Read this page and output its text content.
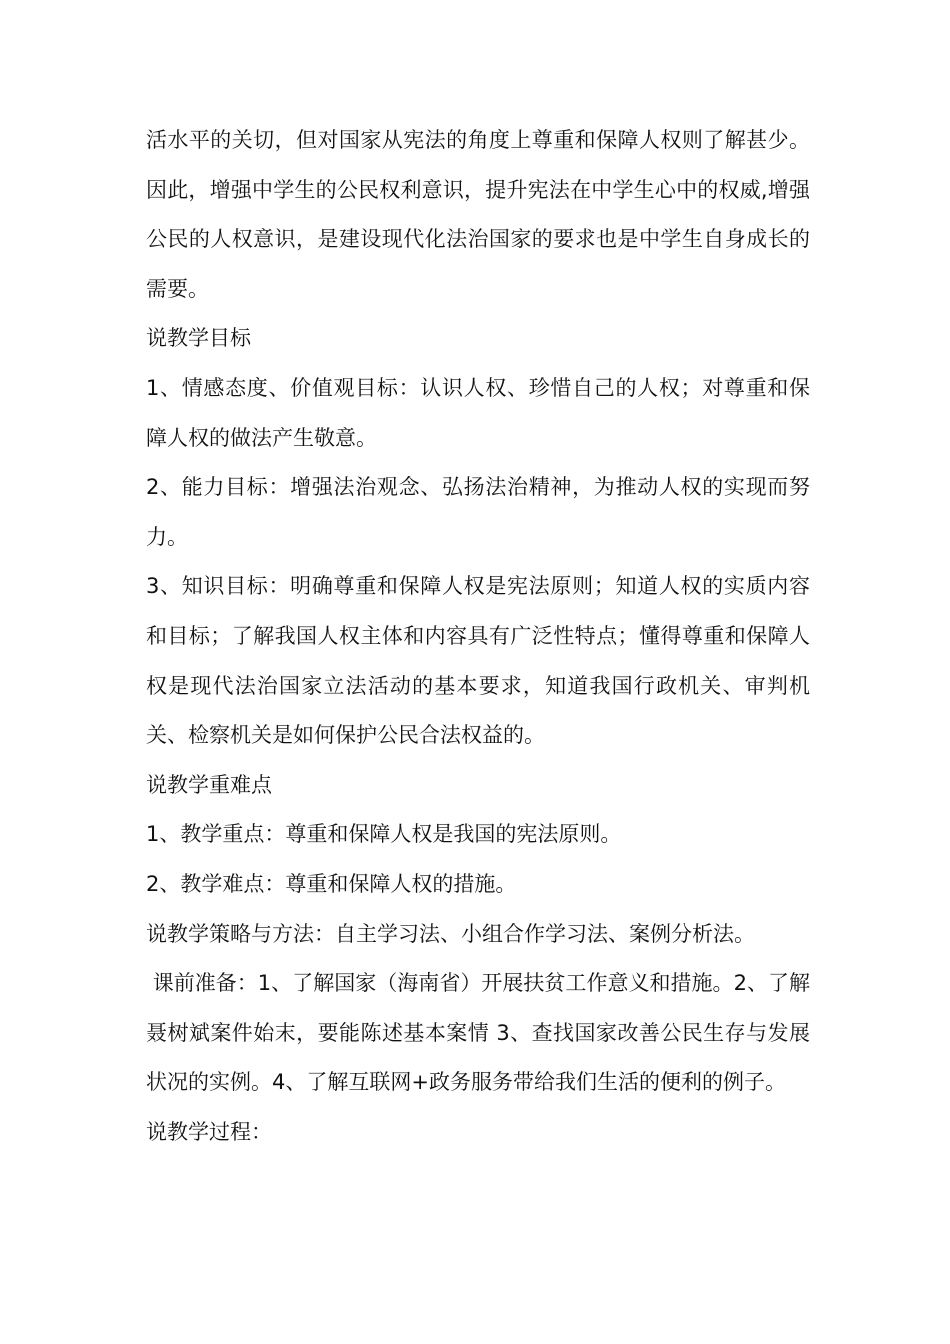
活水平的关切，但对国家从宪法的角度上尊重和保障人权则了解甚少。因此，增强中学生的公民权利意识，提升宪法在中学生心中的权威,增强公民的人权意识，是建设现代化法治国家的要求也是中学生自身成长的需要。

说教学目标

1、情感态度、价值观目标：认识人权、珍惜自己的人权；对尊重和保障人权的做法产生敬意。

2、能力目标：增强法治观念、弘扬法治精神，为推动人权的实现而努力。

3、知识目标：明确尊重和保障人权是宪法原则；知道人权的实质内容和目标；了解我国人权主体和内容具有广泛性特点；懂得尊重和保障人权是现代法治国家立法活动的基本要求，知道我国行政机关、审判机关、检察机关是如何保护公民合法权益的。

说教学重难点

1、教学重点：尊重和保障人权是我国的宪法原则。

2、教学难点：尊重和保障人权的措施。

说教学策略与方法：自主学习法、小组合作学习法、案例分析法。

课前准备：1、了解国家（海南省）开展扶贫工作意义和措施。2、了解聂树斌案件始末，要能陈述基本案情 3、查找国家改善公民生存与发展状况的实例。4、了解互联网+政务服务带给我们生活的便利的例子。

说教学过程：
